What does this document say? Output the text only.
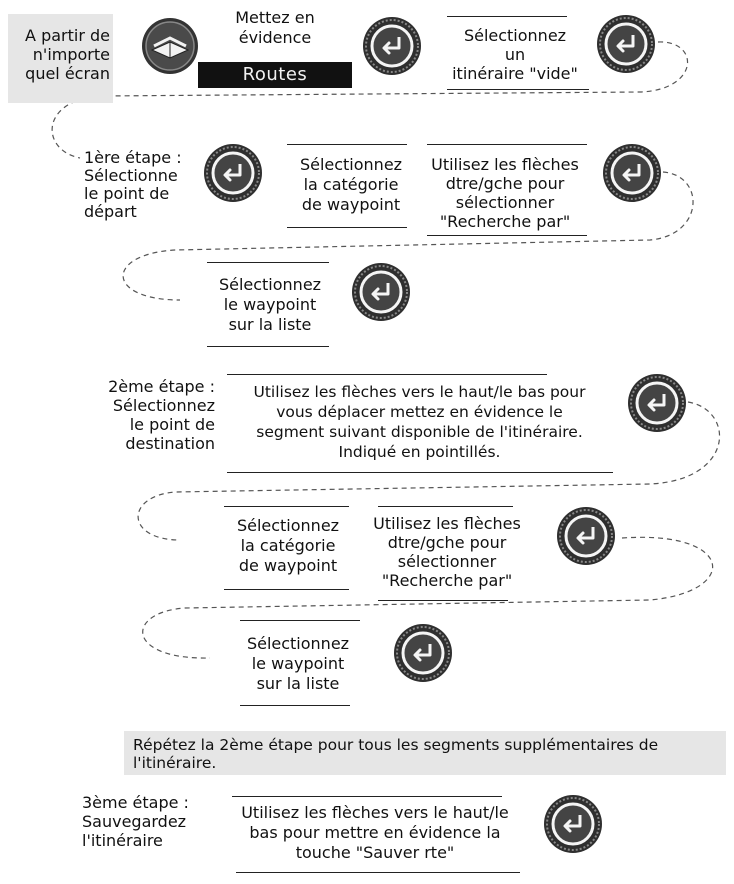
A partir de
n'importe
quel écran
Mettez en
évidence
Routes
Sélectionnez
un
itinéraire "vide"
1ère étape :
Sélectionne
le point de
départ
Sélectionnez
la catégorie
de waypoint
Utilisez les flèches
dtre/gche pour
sélectionner
"Recherche par"
Sélectionnez
le waypoint
sur la liste
2ème étape :
Sélectionnez
le point de
destination
Utilisez les flèches vers le haut/le bas pour
vous déplacer mettez en évidence le
segment suivant disponible de l'itinéraire.
Indiqué en pointillés.
Sélectionnez
la catégorie
de waypoint
Utilisez les flèches
dtre/gche pour
sélectionner
"Recherche par"
Sélectionnez
le waypoint
sur la liste
Répétez la 2ème étape pour tous les segments supplémentaires de
l'itinéraire.
3ème étape :
Sauvegardez
l'itinéraire
Utilisez les flèches vers le haut/le
bas pour mettre en évidence la
touche "Sauver rte"
